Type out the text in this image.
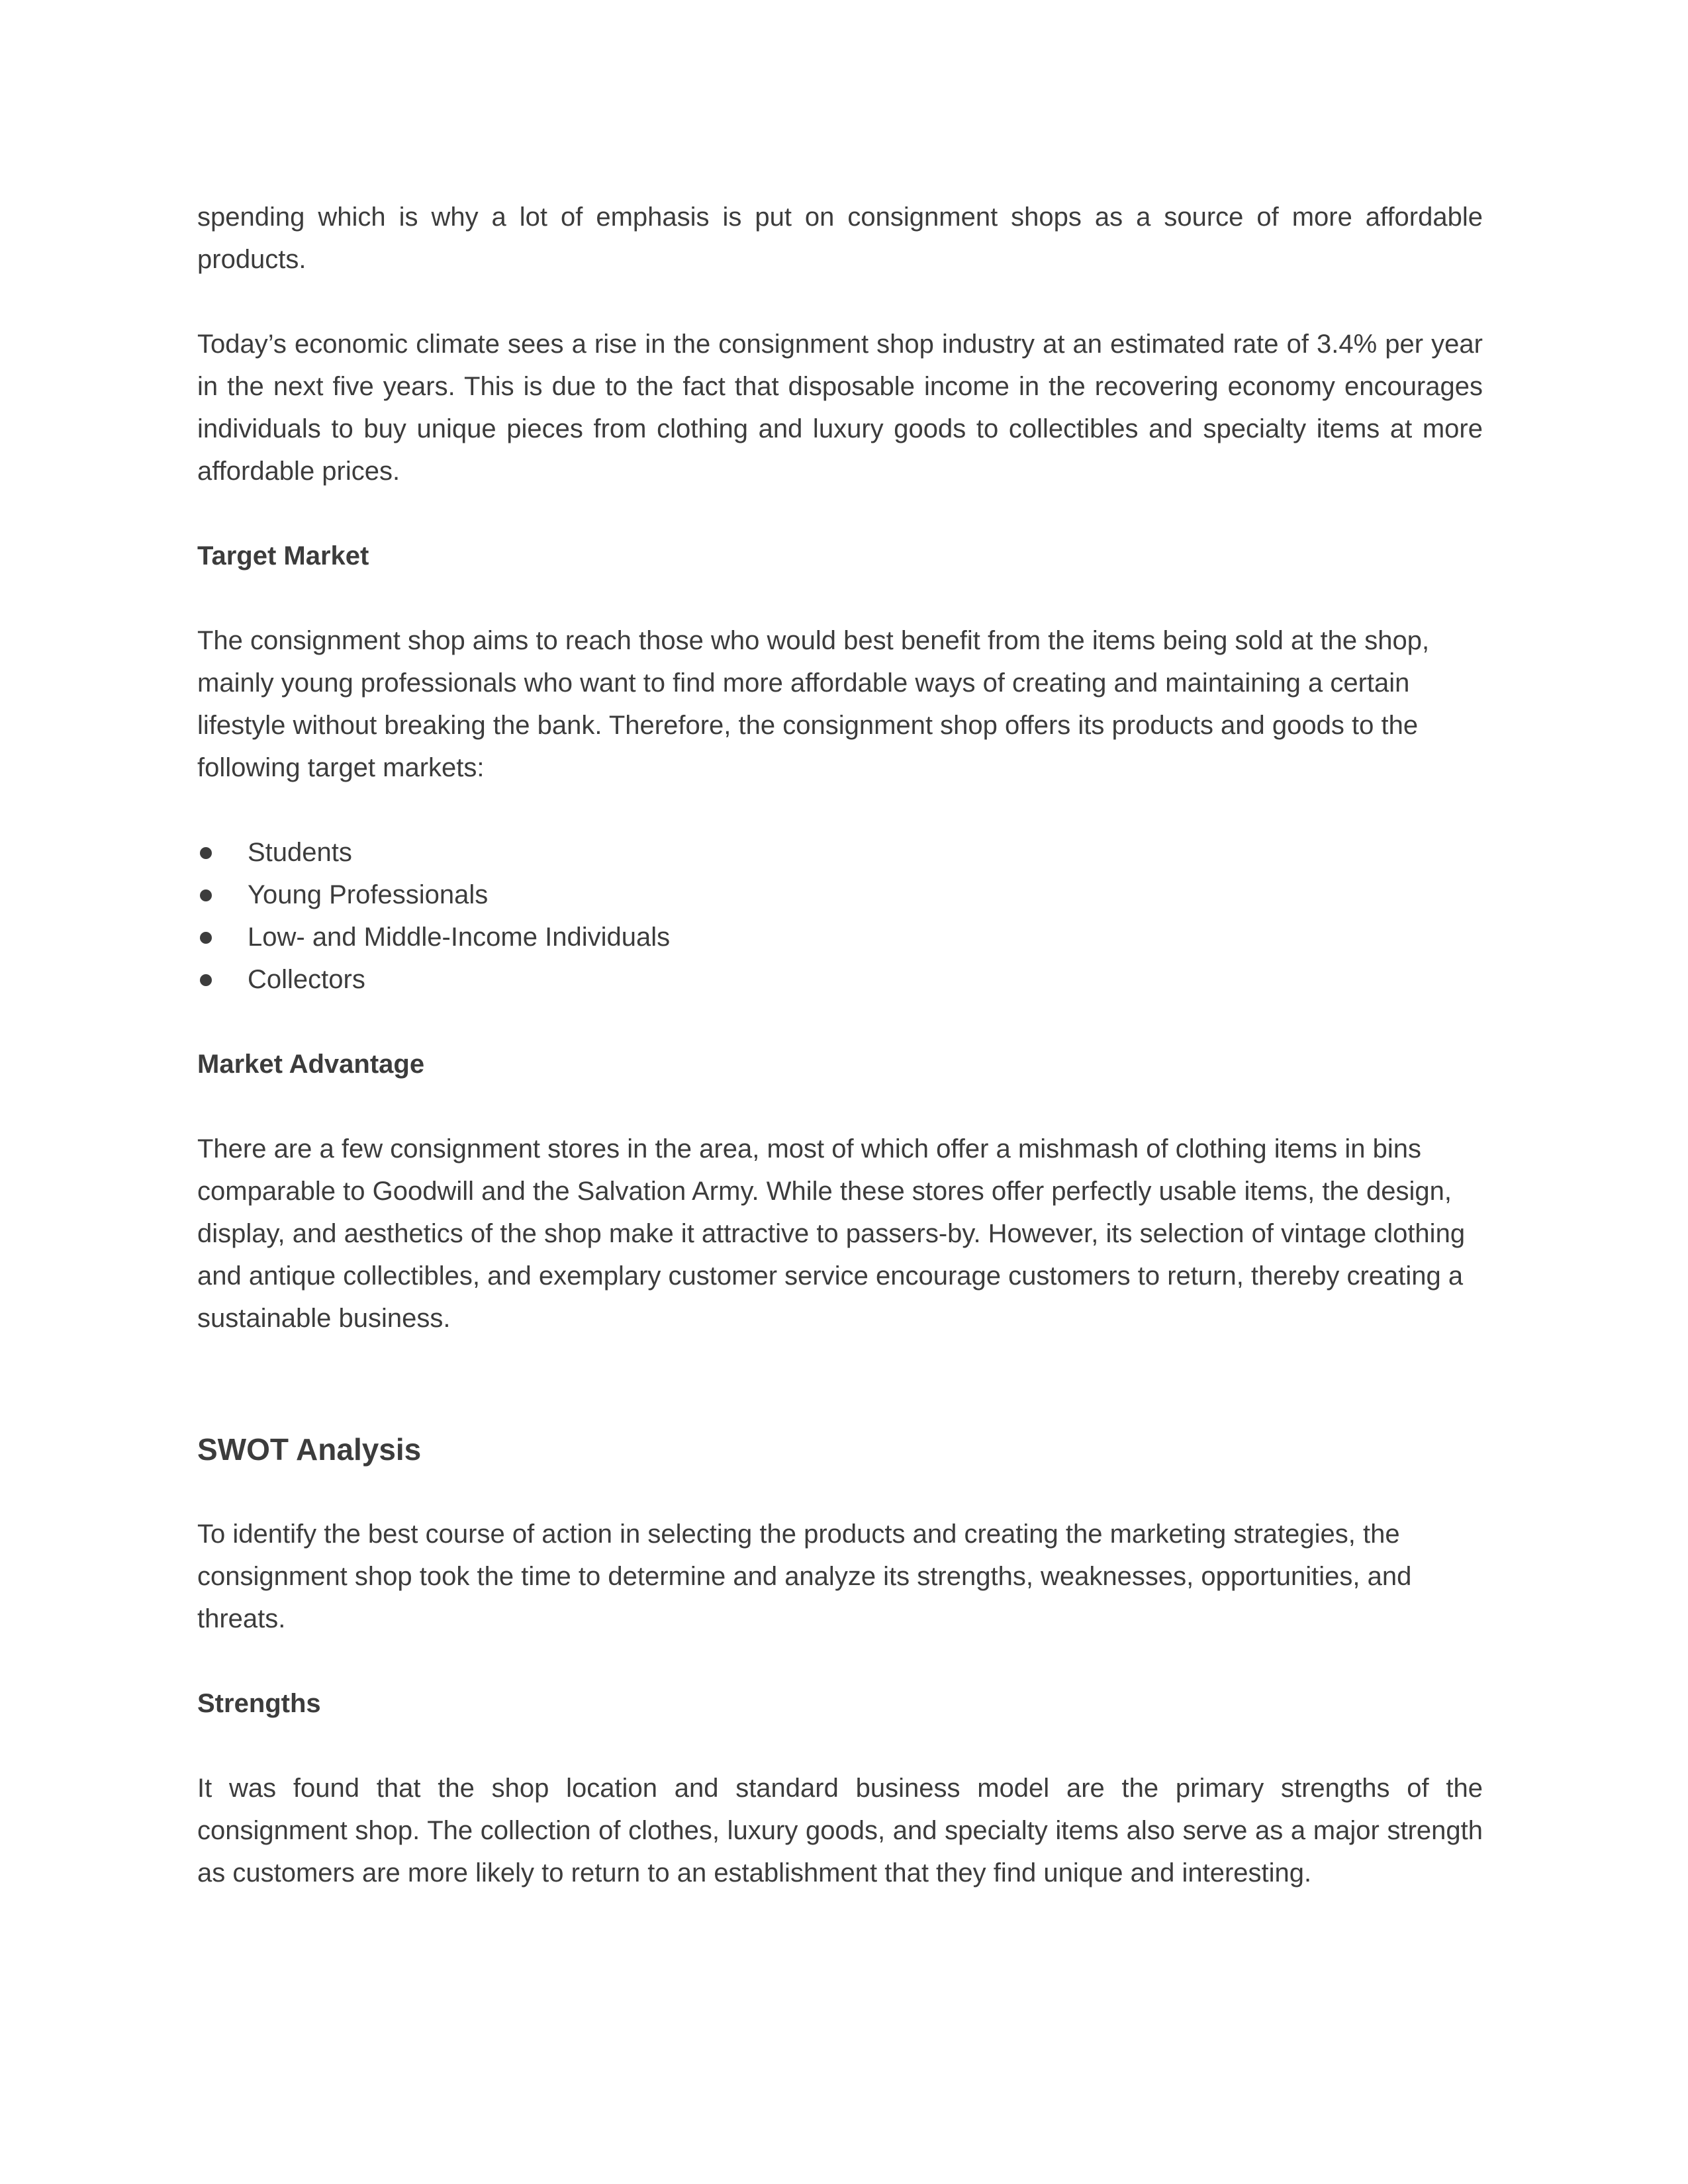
spending which is why a lot of emphasis is put on consignment shops as a source of more affordable products.

Today’s economic climate sees a rise in the consignment shop industry at an estimated rate of 3.4% per year in the next five years. This is due to the fact that disposable income in the recovering economy encourages individuals to buy unique pieces from clothing and luxury goods to collectibles and specialty items at more affordable prices.

Target Market

The consignment shop aims to reach those who would best benefit from the items being sold at the shop, mainly young professionals who want to find more affordable ways of creating and maintaining a certain lifestyle without breaking the bank. Therefore, the consignment shop offers its products and goods to the following target markets:

Students
Young Professionals
Low- and Middle-Income Individuals
Collectors
Market Advantage

There are a few consignment stores in the area, most of which offer a mishmash of clothing items in bins comparable to Goodwill and the Salvation Army. While these stores offer perfectly usable items, the design, display, and aesthetics of the shop make it attractive to passers-by. However, its selection of vintage clothing and antique collectibles, and exemplary customer service encourage customers to return, thereby creating a sustainable business.

SWOT Analysis

To identify the best course of action in selecting the products and creating the marketing strategies, the consignment shop took the time to determine and analyze its strengths, weaknesses, opportunities, and threats.

Strengths

It was found that the shop location and standard business model are the primary strengths of the consignment shop. The collection of clothes, luxury goods, and specialty items also serve as a major strength as customers are more likely to return to an establishment that they find unique and interesting.
